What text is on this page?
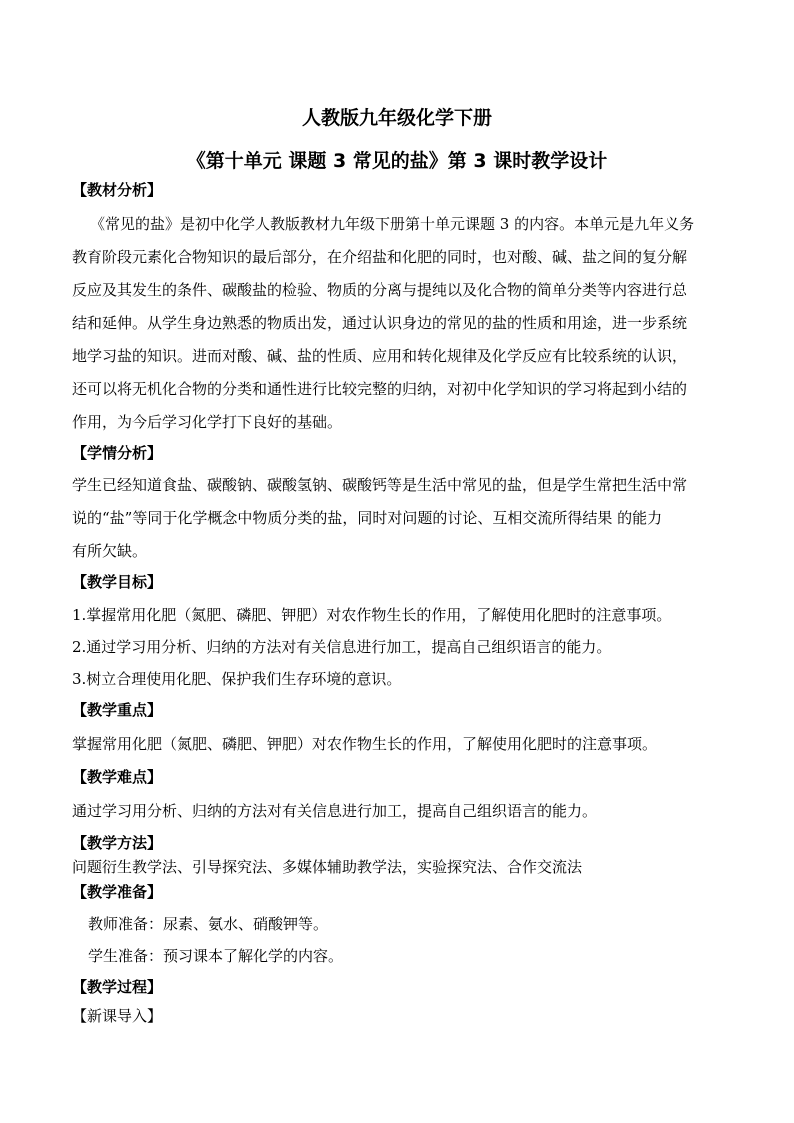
人教版九年级化学下册
《第十单元 课题 3 常见的盐》第 3 课时教学设计
【教材分析】
《常见的盐》是初中化学人教版教材九年级下册第十单元课题 3 的内容。本单元是九年义务
教育阶段元素化合物知识的最后部分，在介绍盐和化肥的同时，也对酸、碱、盐之间的复分解
反应及其发生的条件、碳酸盐的检验、物质的分离与提纯以及化合物的简单分类等内容进行总
结和延伸。从学生身边熟悉的物质出发，通过认识身边的常见的盐的性质和用途，进一步系统
地学习盐的知识。进而对酸、碱、盐的性质、应用和转化规律及化学反应有比较系统的认识，
还可以将无机化合物的分类和通性进行比较完整的归纳，对初中化学知识的学习将起到小结的
作用，为今后学习化学打下良好的基础。
【学情分析】
学生已经知道食盐、碳酸钠、碳酸氢钠、碳酸钙等是生活中常见的盐，但是学生常把生活中常
说的“盐”等同于化学概念中物质分类的盐，同时对问题的讨论、互相交流所得结果 的能力
有所欠缺。
【教学目标】
1.掌握常用化肥（氮肥、磷肥、钾肥）对农作物生长的作用，了解使用化肥时的注意事项。
2.通过学习用分析、归纳的方法对有关信息进行加工，提高自己组织语言的能力。
3.树立合理使用化肥、保护我们生存环境的意识。
【教学重点】
掌握常用化肥（氮肥、磷肥、钾肥）对农作物生长的作用，了解使用化肥时的注意事项。
【教学难点】
通过学习用分析、归纳的方法对有关信息进行加工，提高自己组织语言的能力。
【教学方法】
问题衍生教学法、引导探究法、多媒体辅助教学法，实验探究法、合作交流法
【教学准备】
教师准备：尿素、氨水、硝酸钾等。
学生准备：预习课本了解化学的内容。
【教学过程】
【新课导入】
